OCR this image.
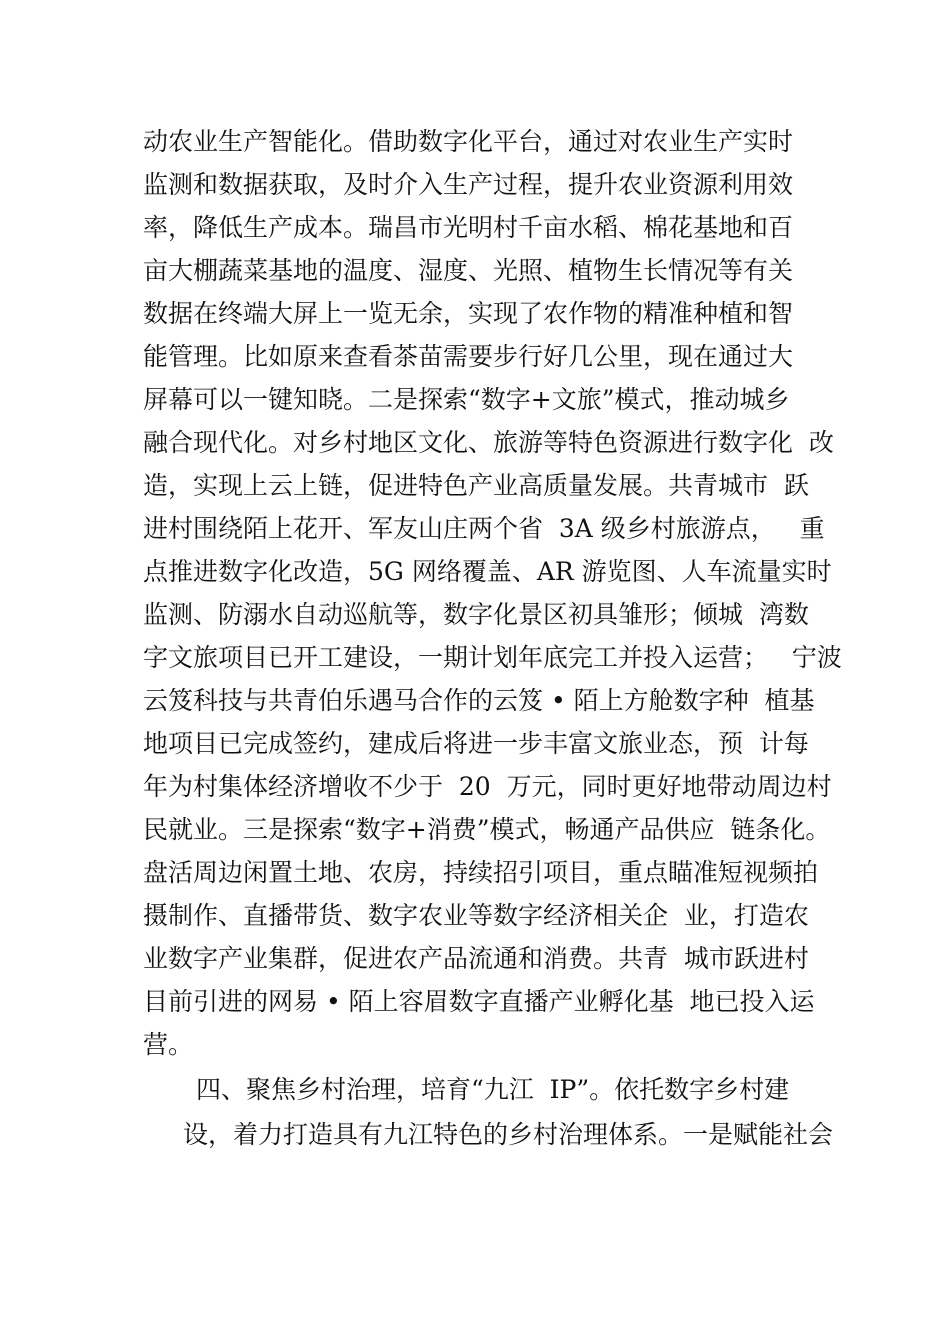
动农业生产智能化。借助数字化平台，通过对农业生产实时

监测和数据获取，及时介入生产过程，提升农业资源利用效

率，降低生产成本。瑞昌市光明村千亩水稻、棉花基地和百

亩大棚蔬菜基地的温度、湿度、光照、植物生长情况等有关

数据在终端大屏上一览无余，实现了农作物的精准种植和智

能管理。比如原来查看茶苗需要步行好几公里，现在通过大

屏幕可以一键知晓。二是探索“数字+文旅”模式，推动城乡

融合现代化。对乡村地区文化、旅游等特色资源进行数字化  改

造，实现上云上链，促进特色产业高质量发展。共青城市  跃

进村围绕陌上花开、军友山庄两个省  3A 级乡村旅游点，   重

点推进数字化改造，5G 网络覆盖、AR 游览图、人车流量实时

监测、防溺水自动巡航等，数字化景区初具雏形；倾城  湾数

字文旅项目已开工建设，一期计划年底完工并投入运营；   宁波

云笈科技与共青伯乐遇马合作的云笈 • 陌上方舱数字种  植基

地项目已完成签约，建成后将进一步丰富文旅业态，预  计每

年为村集体经济增收不少于  20  万元，同时更好地带动周边村

民就业。三是探索“数字+消费”模式，畅通产品供应  链条化。

盘活周边闲置土地、农房，持续招引项目，重点瞄准短视频拍

摄制作、直播带货、数字农业等数字经济相关企  业，打造农

业数字产业集群，促进农产品流通和消费。共青  城市跃进村

目前引进的网易 • 陌上容眉数字直播产业孵化基  地已投入运

营。

四、聚焦乡村治理，培育“九江  IP”。依托数字乡村建

设，着力打造具有九江特色的乡村治理体系。一是赋能社会
